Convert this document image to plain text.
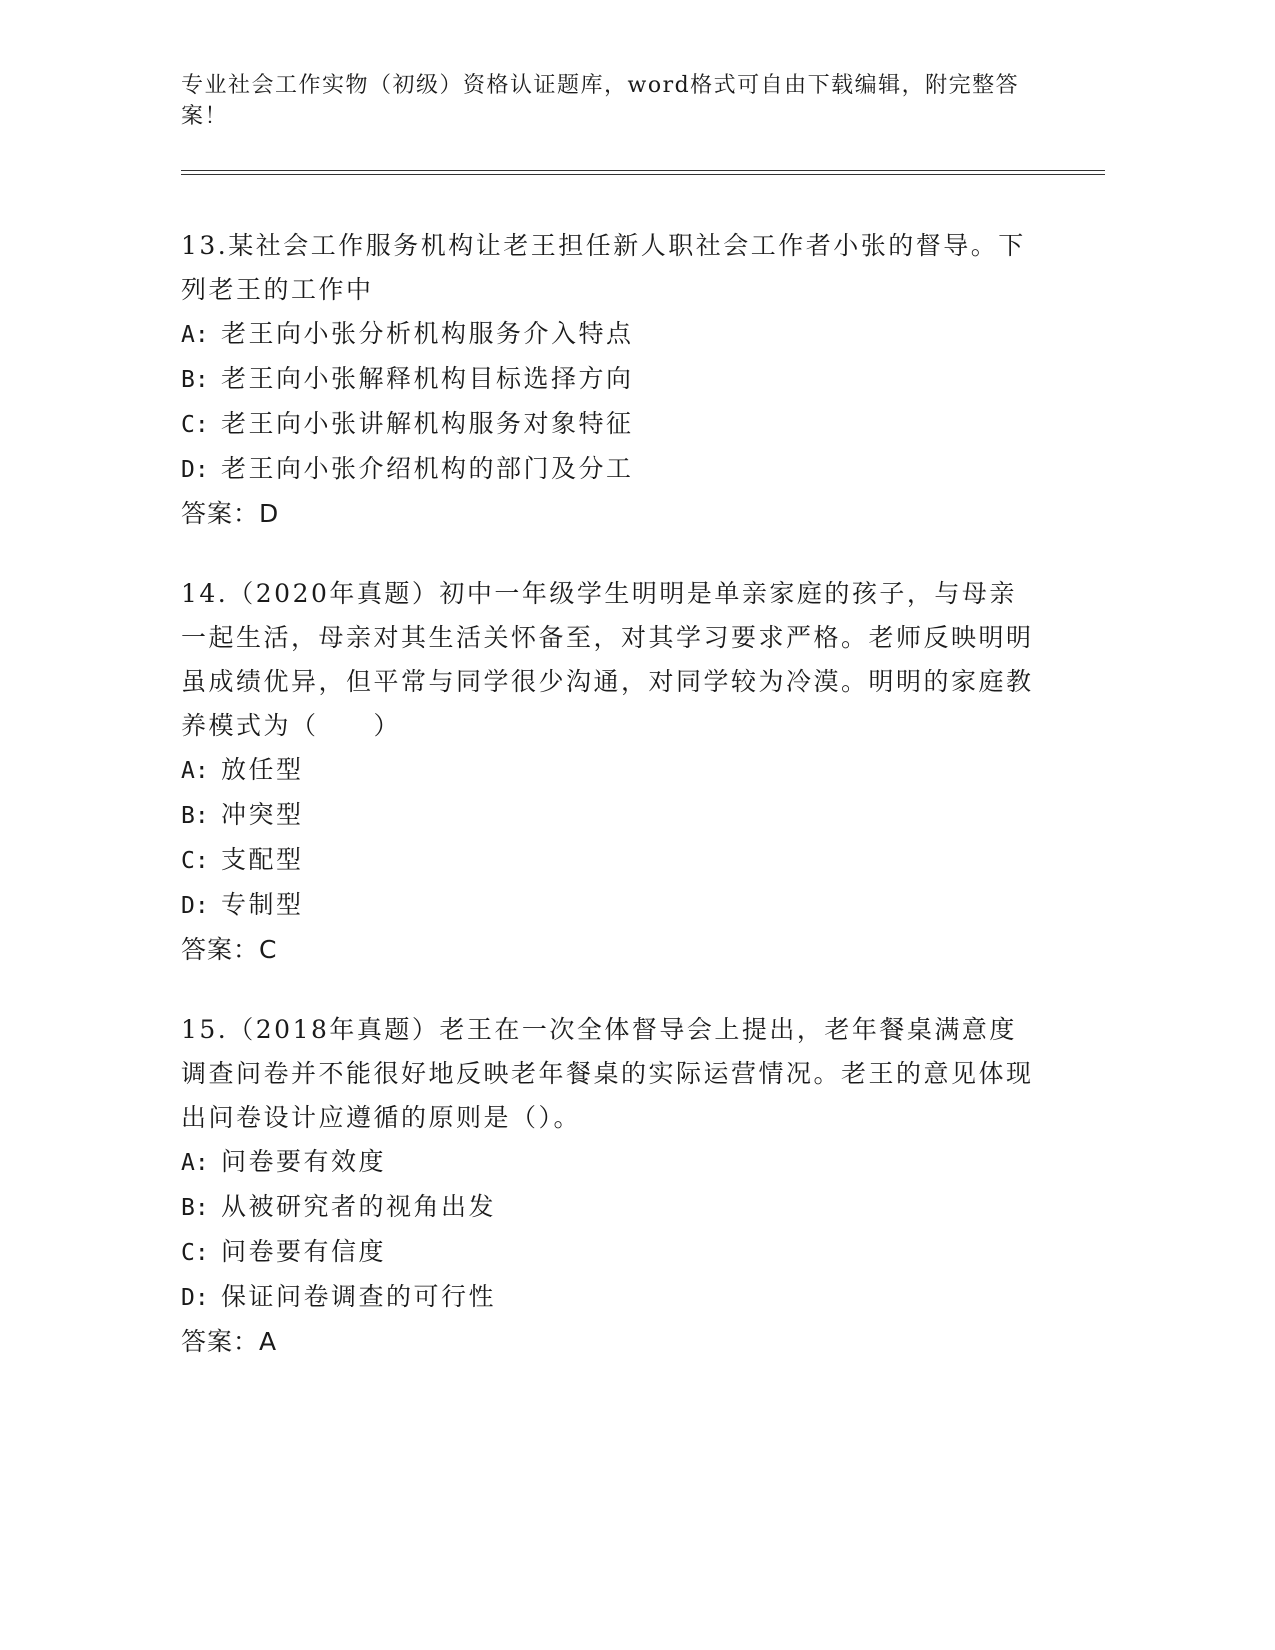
专业社会工作实物（初级）资格认证题库，word格式可自由下载编辑，附完整答案！

13.某社会工作服务机构让老王担任新人职社会工作者小张的督导。下列老王的工作中

A: 老王向小张分析机构服务介入特点

B: 老王向小张解释机构目标选择方向

C: 老王向小张讲解机构服务对象特征

D: 老王向小张介绍机构的部门及分工

答案：D

14.（2020年真题）初中一年级学生明明是单亲家庭的孩子，与母亲一起生活，母亲对其生活关怀备至，对其学习要求严格。老师反映明明虽成绩优异，但平常与同学很少沟通，对同学较为冷漠。明明的家庭教养模式为（　　）

A: 放任型

B: 冲突型

C: 支配型

D: 专制型

答案：C

15.（2018年真题）老王在一次全体督导会上提出，老年餐桌满意度调查问卷并不能很好地反映老年餐桌的实际运营情况。老王的意见体现出问卷设计应遵循的原则是（）。

A: 问卷要有效度

B: 从被研究者的视角出发

C: 问卷要有信度

D: 保证问卷调查的可行性

答案：A
